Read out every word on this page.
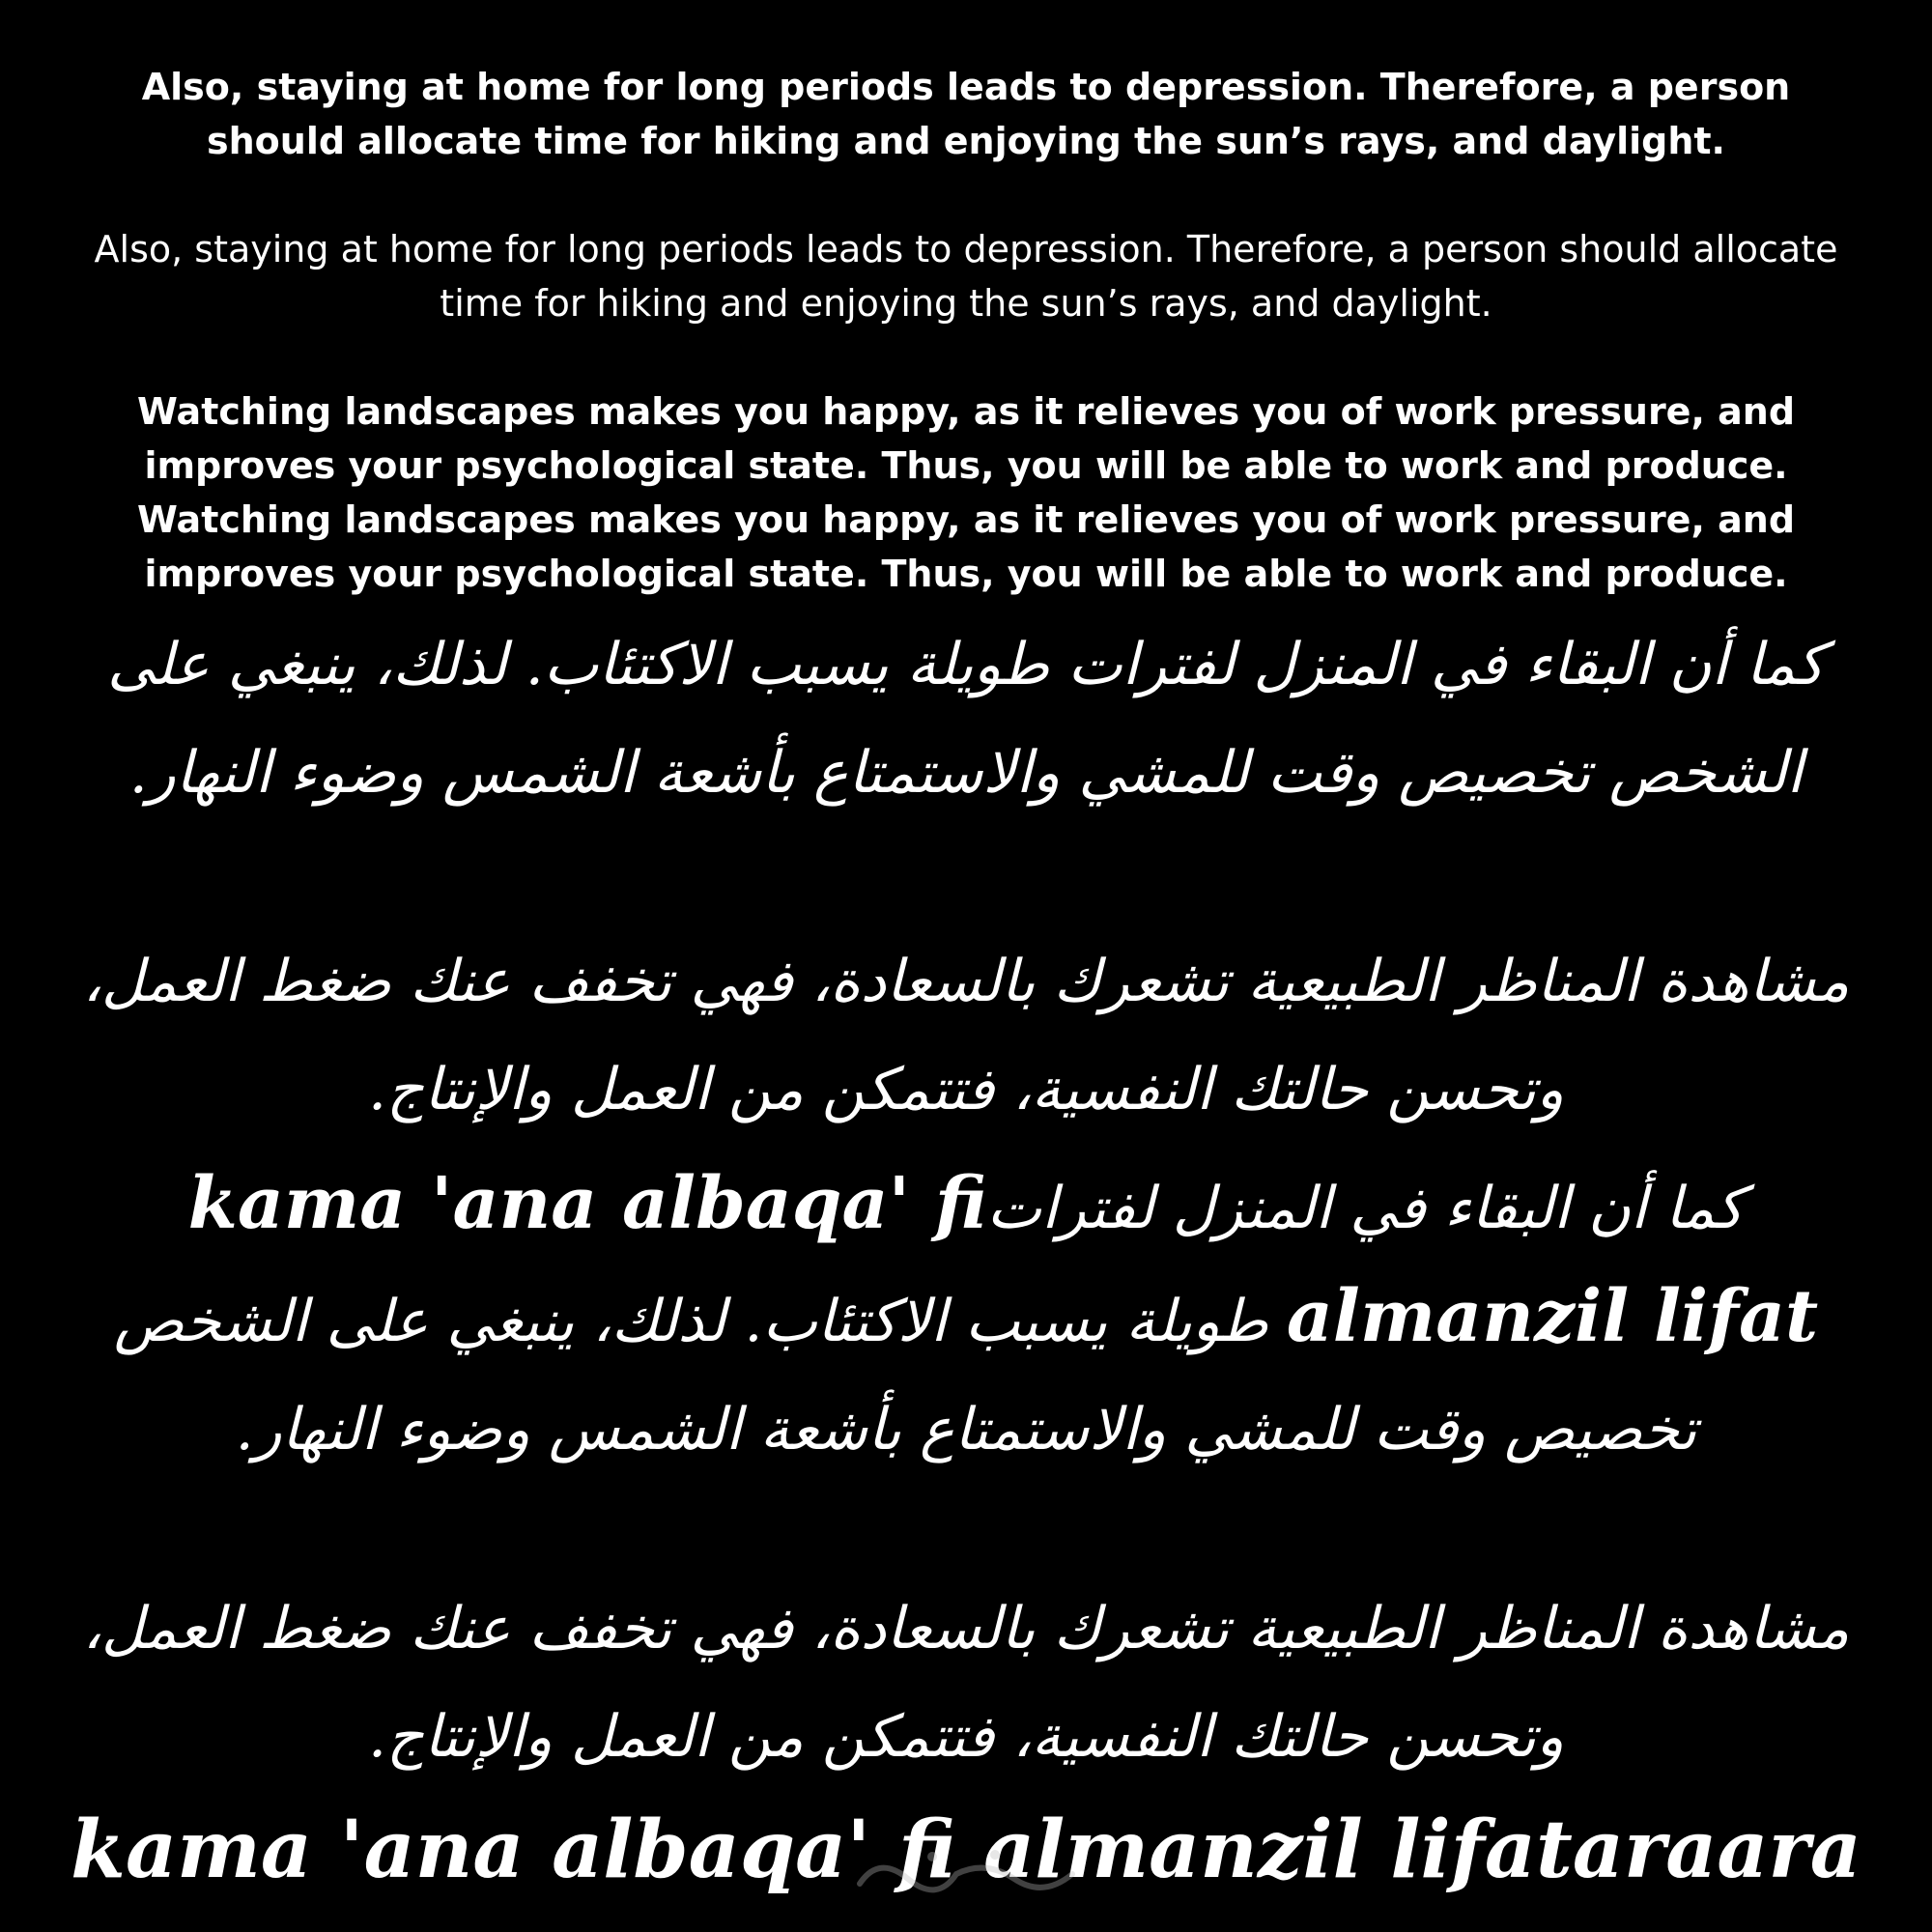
Also, staying at home for long periods leads to depression. Therefore, a person should allocate time for hiking and enjoying the sun’s rays, and daylight.

Also, staying at home for long periods leads to depression. Therefore, a person should allocate time for hiking and enjoying the sun’s rays, and daylight.

Watching landscapes makes you happy, as it relieves you of work pressure, and improves your psychological state. Thus, you will be able to work and produce. Watching landscapes makes you happy, as it relieves you of work pressure, and improves your psychological state. Thus, you will be able to work and produce.

كما أن البقاء في المنزل لفترات طويلة يسبب الاكتئاب. لذلك، ينبغي على الشخص تخصيص وقت للمشي والاستمتاع بأشعة الشمس وضوء النهار.

مشاهدة المناظر الطبيعية تشعرك بالسعادة، فهي تخفف عنك ضغط العمل، وتحسن حالتك النفسية، فتتمكن من العمل والإنتاج.

كما أن البقاء في المنزل لفتراتkama 'ana albaqa' fi almanzil lifat طويلة يسبب الاكتئاب. لذلك، ينبغي على الشخص تخصيص وقت للمشي والاستمتاع بأشعة الشمس وضوء النهار.

مشاهدة المناظر الطبيعية تشعرك بالسعادة، فهي تخفف عنك ضغط العمل، وتحسن حالتك النفسية، فتتمكن من العمل والإنتاج.

kama 'ana albaqa' fi almanzil lifataraara
